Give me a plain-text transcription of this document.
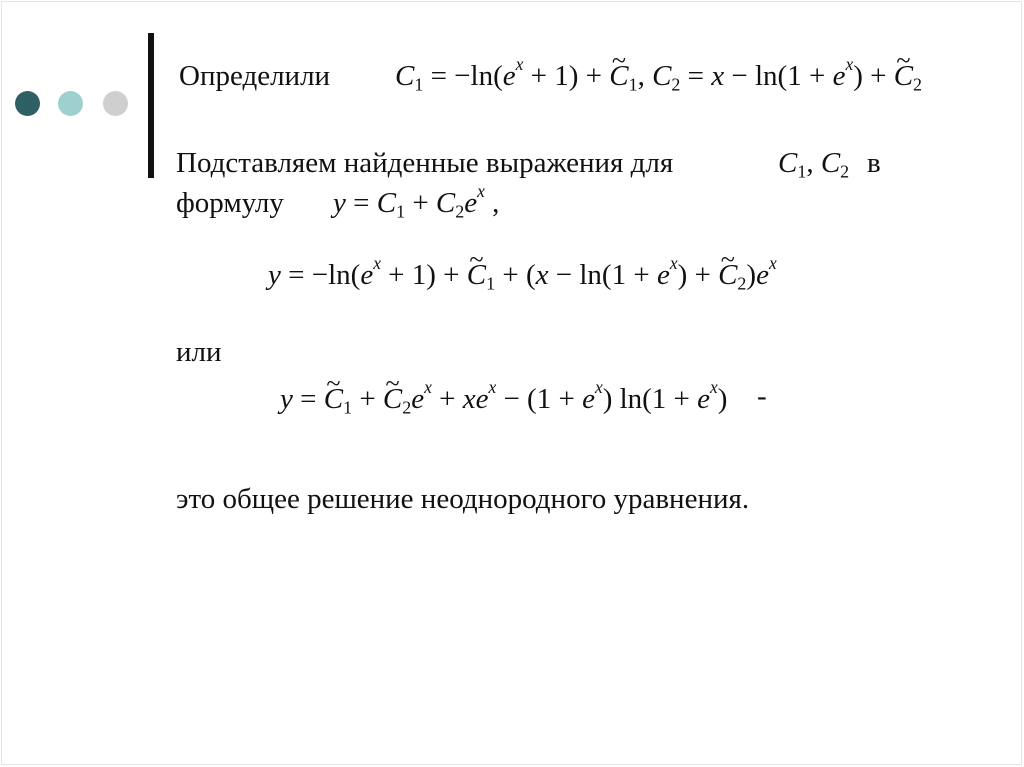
Определили $C_1 = -\ln(e^x + 1)$ + ~ $C_1$, $C_2 = x - \ln(1 + e^x)$ + ~ $C_2$
Подставляем найденные выражения для	$C_1$, $C_2$ в
формулу $y = C_1 + C_2e^x$ ,
$y = -\ln(e^x + 1)$ + ~ $C_1 + (x - \ln(1 + e^x)$ + ~ $C_2)e^x$
или
y = ~ $C_1$ + ~ $C_2e^x + xe^x - (1 + e^x) \ln(1 + e^x)$ -
это общее решение неоднородного уравнения.
